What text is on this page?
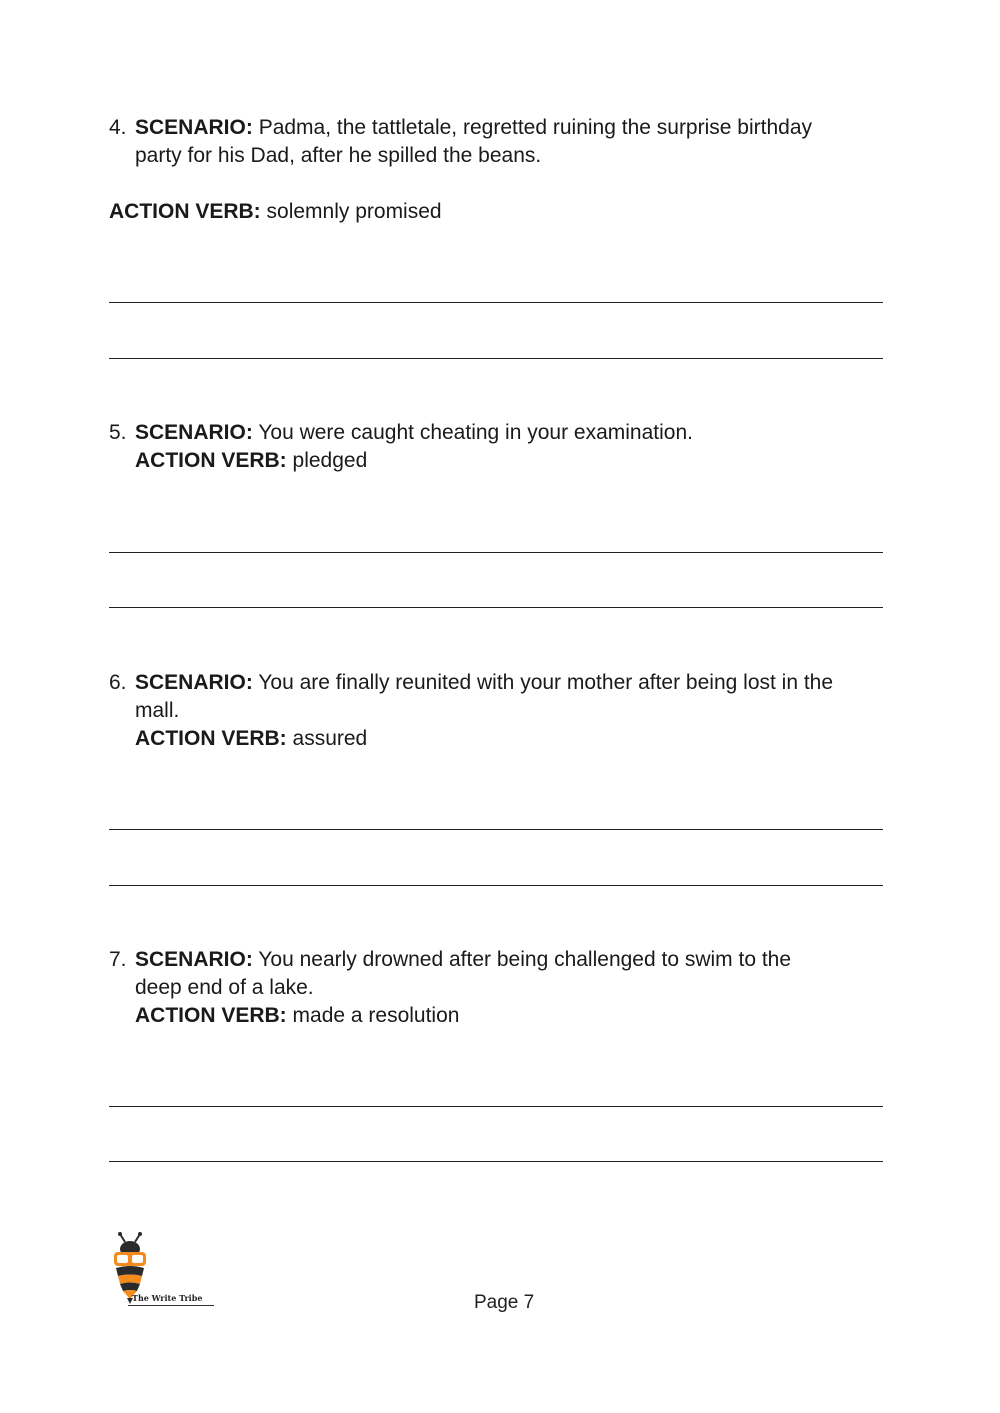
4. SCENARIO: Padma, the tattletale, regretted ruining the surprise birthday
party for his Dad, after he spilled the beans.
ACTION VERB: solemnly promised
5. SCENARIO: You were caught cheating in your examination.
ACTION VERB: pledged
6. SCENARIO: You are finally reunited with your mother after being lost in the
mall.
ACTION VERB: assured
7. SCENARIO: You nearly drowned after being challenged to swim to the
deep end of a lake.
ACTION VERB: made a resolution
The Write Tribe	Page 7
